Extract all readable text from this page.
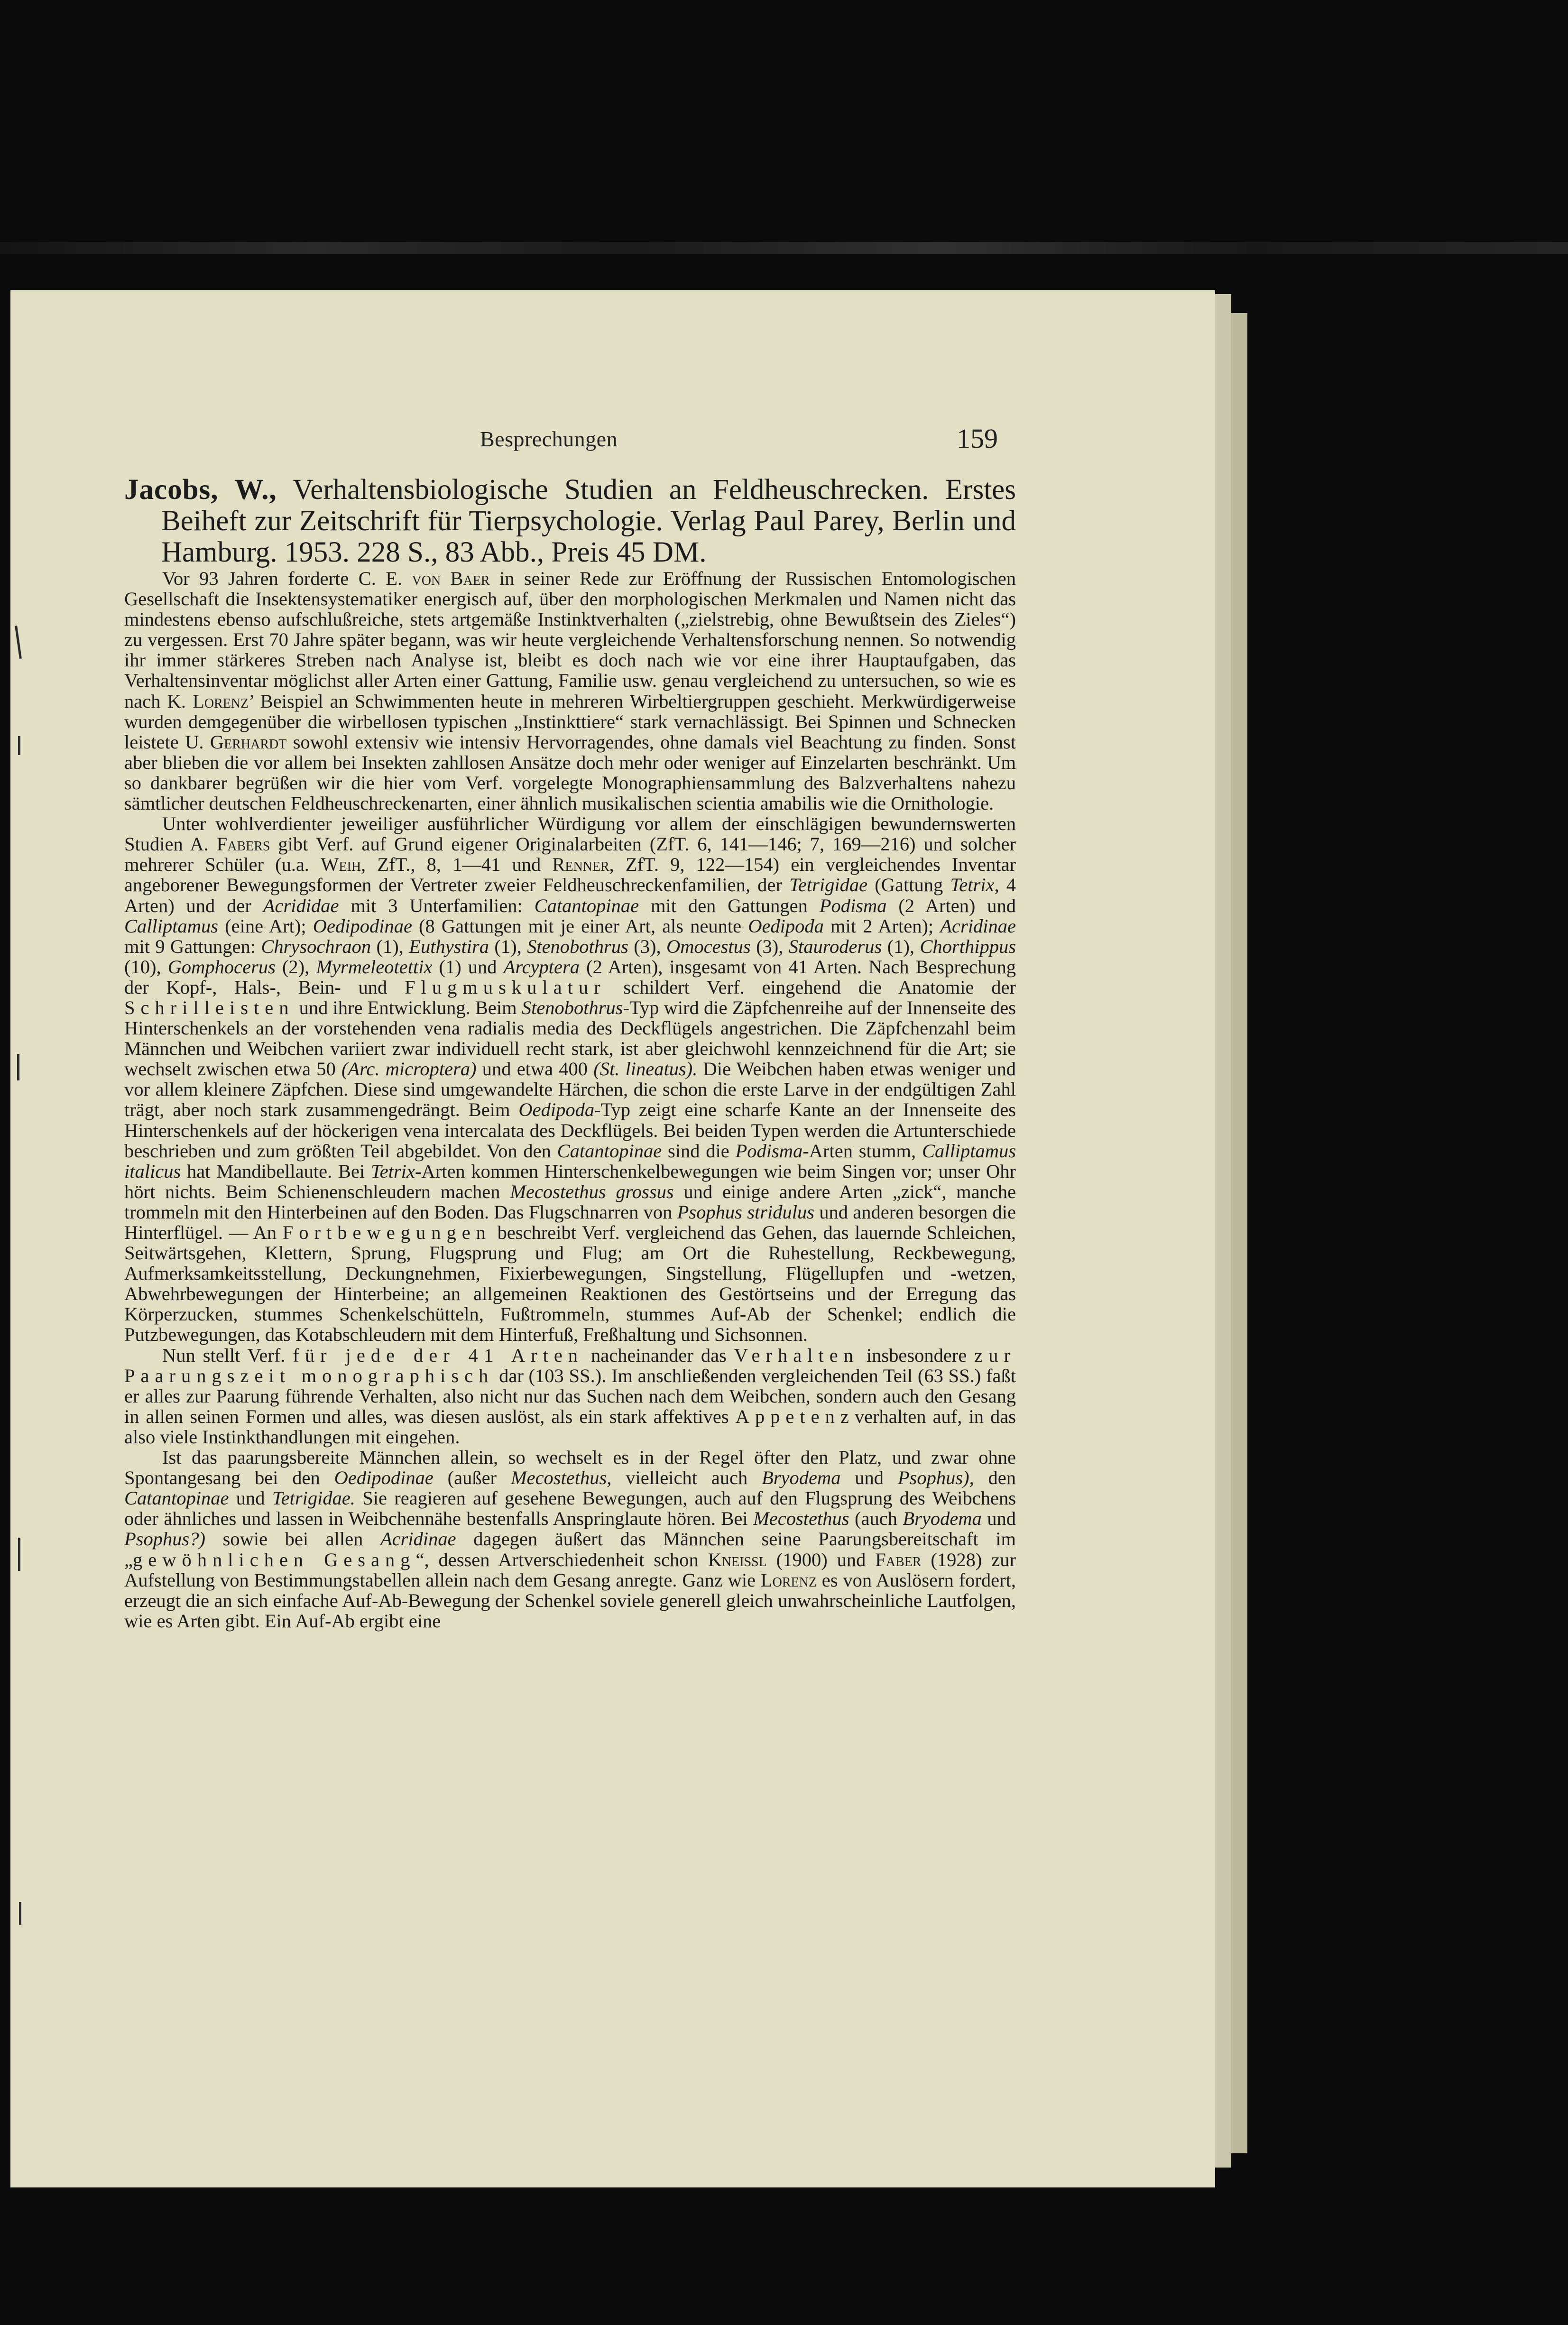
Besprechungen	159

Jacobs, W., Verhaltensbiologische Studien an Feldheuschrecken. Erstes Beiheft zur Zeitschrift für Tierpsychologie. Verlag Paul Parey, Berlin und Hamburg. 1953. 228 S., 83 Abb., Preis 45 DM.

Vor 93 Jahren forderte C. E. von Baer in seiner Rede zur Eröffnung der Russischen Entomologischen Gesellschaft die Insektensystematiker energisch auf, über den morphologischen Merkmalen und Namen nicht das mindestens ebenso aufschlußreiche, stets artgemäße Instinktverhalten („zielstrebig, ohne Bewußtsein des Zieles“) zu vergessen. Erst 70 Jahre später begann, was wir heute vergleichende Verhaltensforschung nennen. So notwendig ihr immer stärkeres Streben nach Analyse ist, bleibt es doch nach wie vor eine ihrer Hauptaufgaben, das Verhaltensinventar möglichst aller Arten einer Gattung, Familie usw. genau vergleichend zu untersuchen, so wie es nach K. Lorenz’ Beispiel an Schwimmenten heute in mehreren Wirbeltiergruppen geschieht. Merkwürdigerweise wurden demgegenüber die wirbellosen typischen „Instinkttiere“ stark vernachlässigt. Bei Spinnen und Schnecken leistete U. Gerhardt sowohl extensiv wie intensiv Hervorragendes, ohne damals viel Beachtung zu finden. Sonst aber blieben die vor allem bei Insekten zahllosen Ansätze doch mehr oder weniger auf Einzelarten beschränkt. Um so dankbarer begrüßen wir die hier vom Verf. vorgelegte Monographiensammlung des Balzverhaltens nahezu sämtlicher deutschen Feldheuschreckenarten, einer ähnlich musikalischen scientia amabilis wie die Ornithologie.

Unter wohlverdienter jeweiliger ausführlicher Würdigung vor allem der einschlägigen bewundernswerten Studien A. Fabers gibt Verf. auf Grund eigener Originalarbeiten (ZfT. 6, 141—146; 7, 169—216) und solcher mehrerer Schüler (u.a. Weih, ZfT., 8, 1—41 und Renner, ZfT. 9, 122—154) ein vergleichendes Inventar angeborener Bewegungsformen der Vertreter zweier Feldheuschreckenfamilien, der Tetrigidae (Gattung Tetrix, 4 Arten) und der Acrididae mit 3 Unterfamilien: Catantopinae mit den Gattungen Podisma (2 Arten) und Calliptamus (eine Art); Oedipodinae (8 Gattungen mit je einer Art, als neunte Oedipoda mit 2 Arten); Acridinae mit 9 Gattungen: Chrysochraon (1), Euthystira (1), Stenobothrus (3), Omocestus (3), Stauroderus (1), Chorthippus (10), Gomphocerus (2), Myrmeleotettix (1) und Arcyptera (2 Arten), insgesamt von 41 Arten. Nach Besprechung der Kopf-, Hals-, Bein- und Flugmuskulatur schildert Verf. eingehend die Anatomie der Schrilleisten und ihre Entwicklung. Beim Stenobothrus-Typ wird die Zäpfchenreihe auf der Innenseite des Hinterschenkels an der vorstehenden vena radialis media des Deckflügels angestrichen. Die Zäpfchenzahl beim Männchen und Weibchen variiert zwar individuell recht stark, ist aber gleichwohl kennzeichnend für die Art; sie wechselt zwischen etwa 50 (Arc. microptera) und etwa 400 (St. lineatus). Die Weibchen haben etwas weniger und vor allem kleinere Zäpfchen. Diese sind umgewandelte Härchen, die schon die erste Larve in der endgültigen Zahl trägt, aber noch stark zusammengedrängt. Beim Oedipoda-Typ zeigt eine scharfe Kante an der Innenseite des Hinterschenkels auf der höckerigen vena intercalata des Deckflügels. Bei beiden Typen werden die Artunterschiede beschrieben und zum größten Teil abgebildet. Von den Catantopinae sind die Podisma-Arten stumm, Calliptamus italicus hat Mandibellaute. Bei Tetrix-Arten kommen Hinterschenkelbewegungen wie beim Singen vor; unser Ohr hört nichts. Beim Schienenschleudern machen Mecostethus grossus und einige andere Arten „zick“, manche trommeln mit den Hinterbeinen auf den Boden. Das Flugschnarren von Psophus stridulus und anderen besorgen die Hinterflügel. — An Fortbewegungen beschreibt Verf. vergleichend das Gehen, das lauernde Schleichen, Seitwärtsgehen, Klettern, Sprung, Flugsprung und Flug; am Ort die Ruhestellung, Reckbewegung, Aufmerksamkeitsstellung, Deckungnehmen, Fixierbewegungen, Singstellung, Flügellupfen und -wetzen, Abwehrbewegungen der Hinterbeine; an allgemeinen Reaktionen des Gestörtseins und der Erregung das Körperzucken, stummes Schenkelschütteln, Fußtrommeln, stummes Auf-Ab der Schenkel; endlich die Putzbewegungen, das Kotabschleudern mit dem Hinterfuß, Freßhaltung und Sichsonnen.

Nun stellt Verf. für jede der 41 Arten nacheinander das Verhalten insbesondere zur Paarungszeit monographisch dar (103 SS.). Im anschließenden vergleichenden Teil (63 SS.) faßt er alles zur Paarung führende Verhalten, also nicht nur das Suchen nach dem Weibchen, sondern auch den Gesang in allen seinen Formen und alles, was diesen auslöst, als ein stark affektives Appetenzverhalten auf, in das also viele Instinkthandlungen mit eingehen.

Ist das paarungsbereite Männchen allein, so wechselt es in der Regel öfter den Platz, und zwar ohne Spontangesang bei den Oedipodinae (außer Mecostethus, vielleicht auch Bryodema und Psophus), den Catantopinae und Tetrigidae. Sie reagieren auf gesehene Bewegungen, auch auf den Flugsprung des Weibchens oder ähnliches und lassen in Weibchennähe bestenfalls Anspringlaute hören. Bei Mecostethus (auch Bryodema und Psophus?) sowie bei allen Acridinae dagegen äußert das Männchen seine Paarungsbereitschaft im „gewöhnlichen Gesang“, dessen Artverschiedenheit schon Kneissl (1900) und Faber (1928) zur Aufstellung von Bestimmungstabellen allein nach dem Gesang anregte. Ganz wie Lorenz es von Auslösern fordert, erzeugt die an sich einfache Auf-Ab-Bewegung der Schenkel soviele generell gleich unwahrscheinliche Lautfolgen, wie es Arten gibt. Ein Auf-Ab ergibt eine
